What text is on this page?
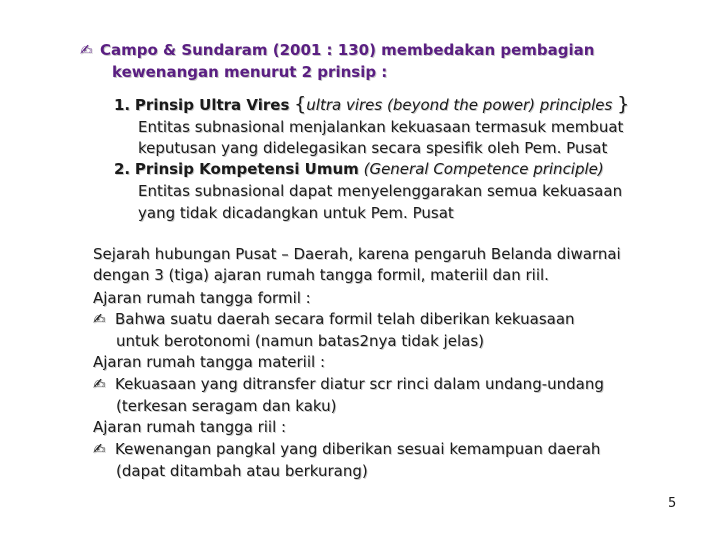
✍ Campo & Sundaram (2001 : 130) membedakan pembagian
kewenangan menurut 2 prinsip :
1. Prinsip Ultra Vires {ultra vires (beyond the power) principles }
Entitas subnasional menjalankan kekuasaan termasuk membuat
keputusan yang didelegasikan secara spesifik oleh Pem. Pusat
2. Prinsip Kompetensi Umum (General Competence principle)
Entitas subnasional dapat menyelenggarakan semua kekuasaan
yang tidak dicadangkan untuk Pem. Pusat
Sejarah hubungan Pusat – Daerah, karena pengaruh Belanda diwarnai
dengan 3 (tiga) ajaran rumah tangga formil, materiil dan riil.
Ajaran rumah tangga formil :
✍ Bahwa suatu daerah secara formil telah diberikan kekuasaan
untuk berotonomi (namun batas2nya tidak jelas)
Ajaran rumah tangga materiil :
✍ Kekuasaan yang ditransfer diatur scr rinci dalam undang-undang
(terkesan seragam dan kaku)
Ajaran rumah tangga riil :
✍ Kewenangan pangkal yang diberikan sesuai kemampuan daerah
(dapat ditambah atau berkurang)
5
